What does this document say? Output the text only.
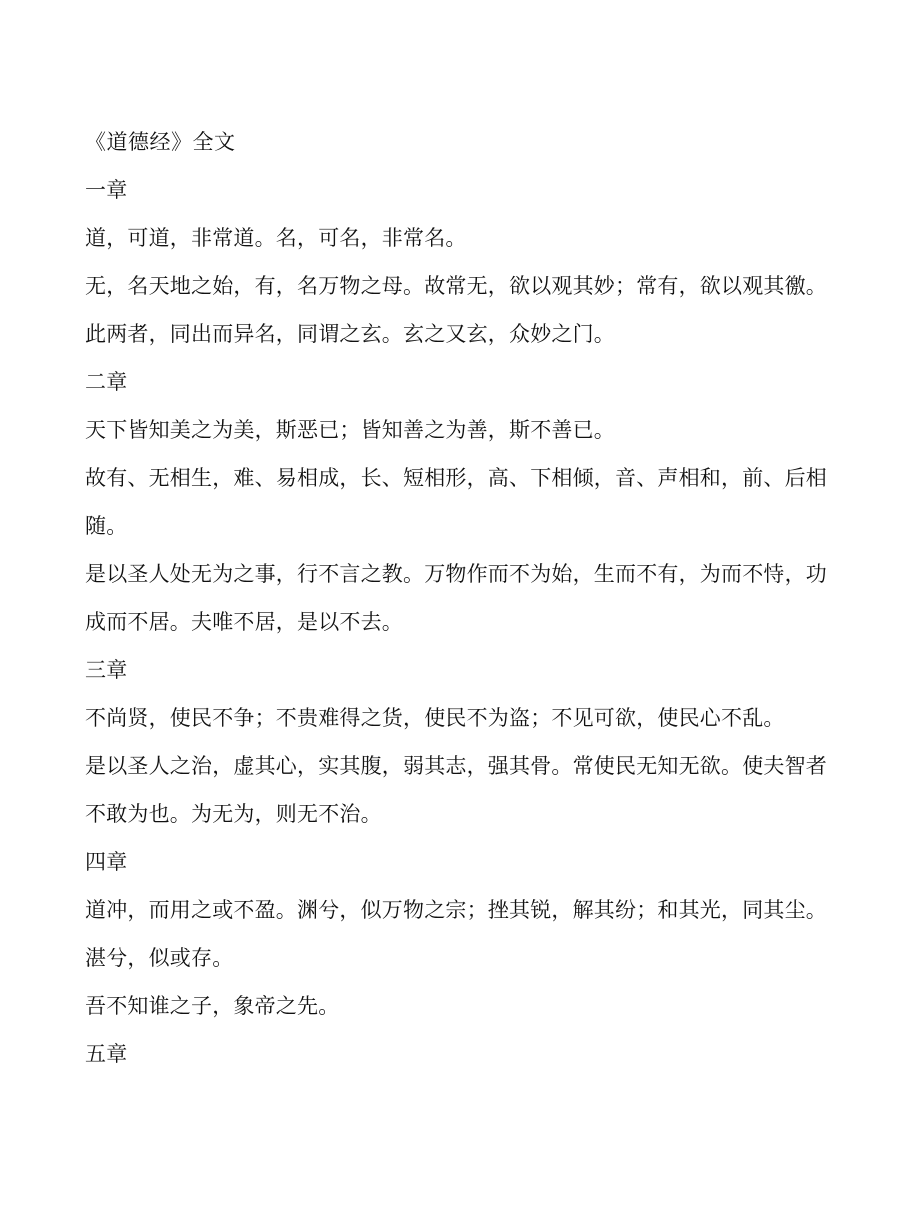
《道德经》全文
一章
道，可道，非常道。名，可名，非常名。
无，名天地之始，有，名万物之母。故常无，欲以观其妙；常有，欲以观其徼。
此两者，同出而异名，同谓之玄。玄之又玄，众妙之门。
二章
天下皆知美之为美，斯恶已；皆知善之为善，斯不善已。
故有、无相生，难、易相成，长、短相形，高、下相倾，音、声相和，前、后相
随。
是以圣人处无为之事，行不言之教。万物作而不为始，生而不有，为而不恃，功
成而不居。夫唯不居，是以不去。
三章
不尚贤，使民不争；不贵难得之货，使民不为盗；不见可欲，使民心不乱。
是以圣人之治，虚其心，实其腹，弱其志，强其骨。常使民无知无欲。使夫智者
不敢为也。为无为，则无不治。
四章
道冲，而用之或不盈。渊兮，似万物之宗；挫其锐，解其纷；和其光，同其尘。
湛兮，似或存。
吾不知谁之子，象帝之先。
五章
